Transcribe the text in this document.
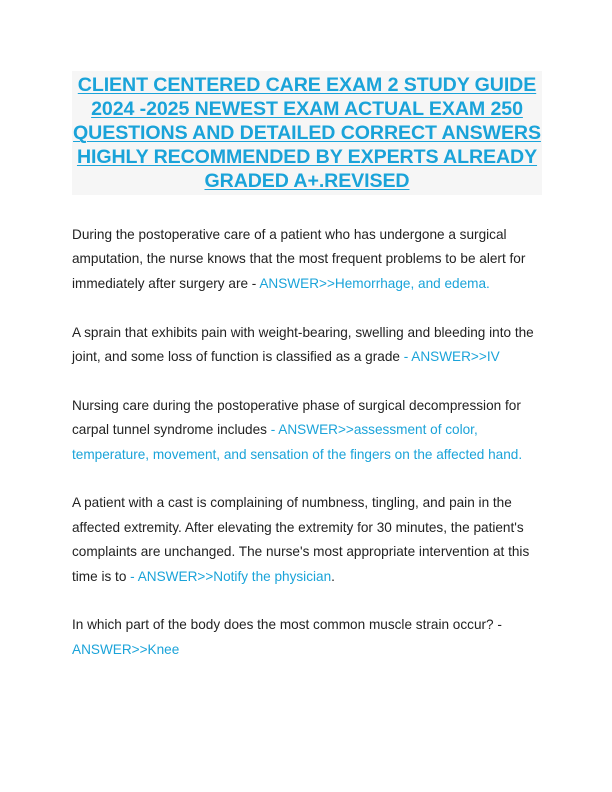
CLIENT CENTERED CARE EXAM 2 STUDY GUIDE 2024 -2025 NEWEST EXAM ACTUAL EXAM 250 QUESTIONS AND DETAILED CORRECT ANSWERS HIGHLY RECOMMENDED BY EXPERTS ALREADY GRADED A+.REVISED

During the postoperative care of a patient who has undergone a surgical amputation, the nurse knows that the most frequent problems to be alert for immediately after surgery are - ANSWER>>Hemorrhage, and edema.

A sprain that exhibits pain with weight-bearing, swelling and bleeding into the joint, and some loss of function is classified as a grade - ANSWER>>IV

Nursing care during the postoperative phase of surgical decompression for carpal tunnel syndrome includes - ANSWER>>assessment of color, temperature, movement, and sensation of the fingers on the affected hand.

A patient with a cast is complaining of numbness, tingling, and pain in the affected extremity. After elevating the extremity for 30 minutes, the patient's complaints are unchanged. The nurse's most appropriate intervention at this time is to - ANSWER>>Notify the physician.

In which part of the body does the most common muscle strain occur? - ANSWER>>Knee
